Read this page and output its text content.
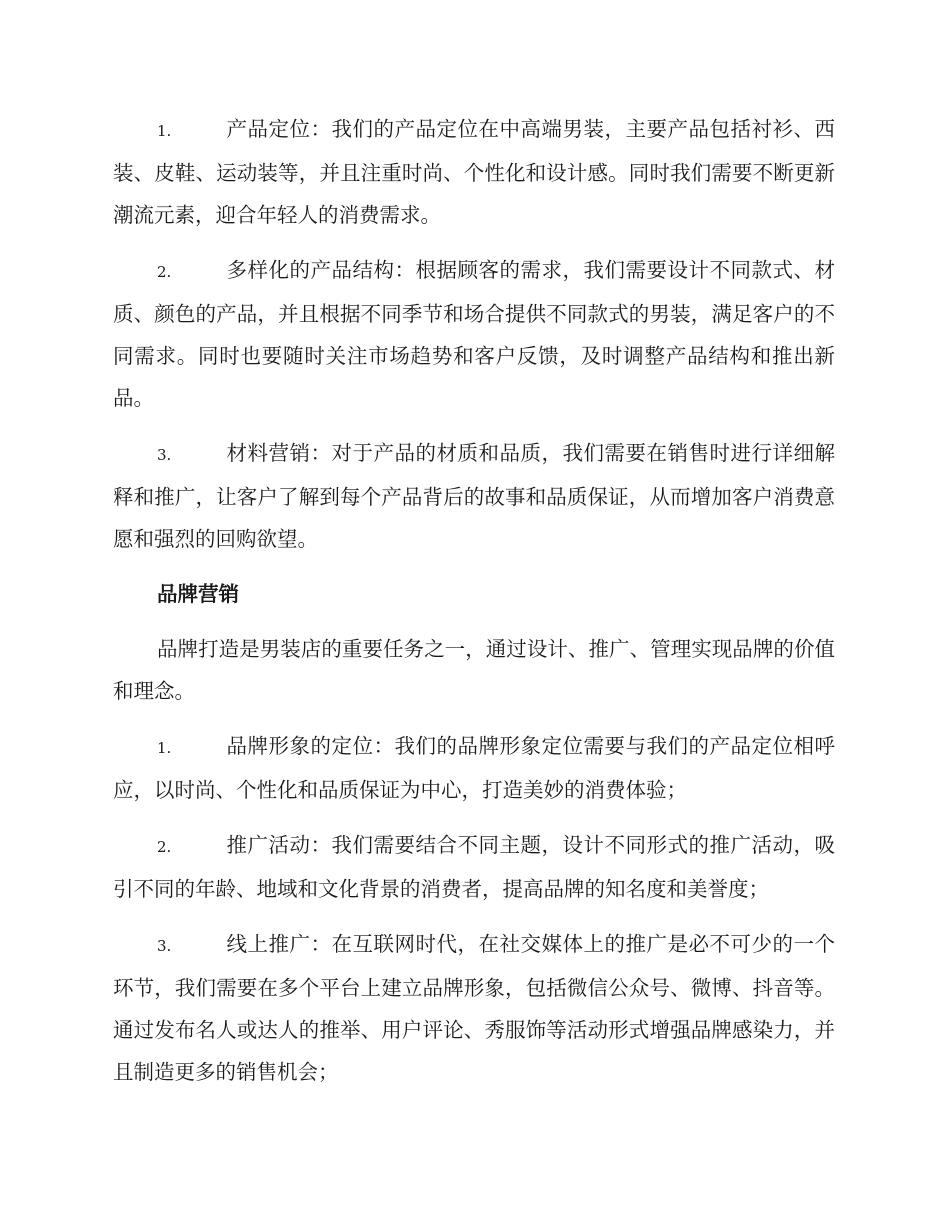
1.	产品定位：我们的产品定位在中高端男装，主要产品包括衬衫、西装、皮鞋、运动装等，并且注重时尚、个性化和设计感。同时我们需要不断更新潮流元素，迎合年轻人的消费需求。

2.	多样化的产品结构：根据顾客的需求，我们需要设计不同款式、材质、颜色的产品，并且根据不同季节和场合提供不同款式的男装，满足客户的不同需求。同时也要随时关注市场趋势和客户反馈，及时调整产品结构和推出新品。

3.	材料营销：对于产品的材质和品质，我们需要在销售时进行详细解释和推广，让客户了解到每个产品背后的故事和品质保证，从而增加客户消费意愿和强烈的回购欲望。

品牌营销

品牌打造是男装店的重要任务之一，通过设计、推广、管理实现品牌的价值和理念。

1.	品牌形象的定位：我们的品牌形象定位需要与我们的产品定位相呼应，以时尚、个性化和品质保证为中心，打造美妙的消费体验；

2.	推广活动：我们需要结合不同主题，设计不同形式的推广活动，吸引不同的年龄、地域和文化背景的消费者，提高品牌的知名度和美誉度；

3.	线上推广：在互联网时代，在社交媒体上的推广是必不可少的一个环节，我们需要在多个平台上建立品牌形象，包括微信公众号、微博、抖音等。通过发布名人或达人的推举、用户评论、秀服饰等活动形式增强品牌感染力，并且制造更多的销售机会；
